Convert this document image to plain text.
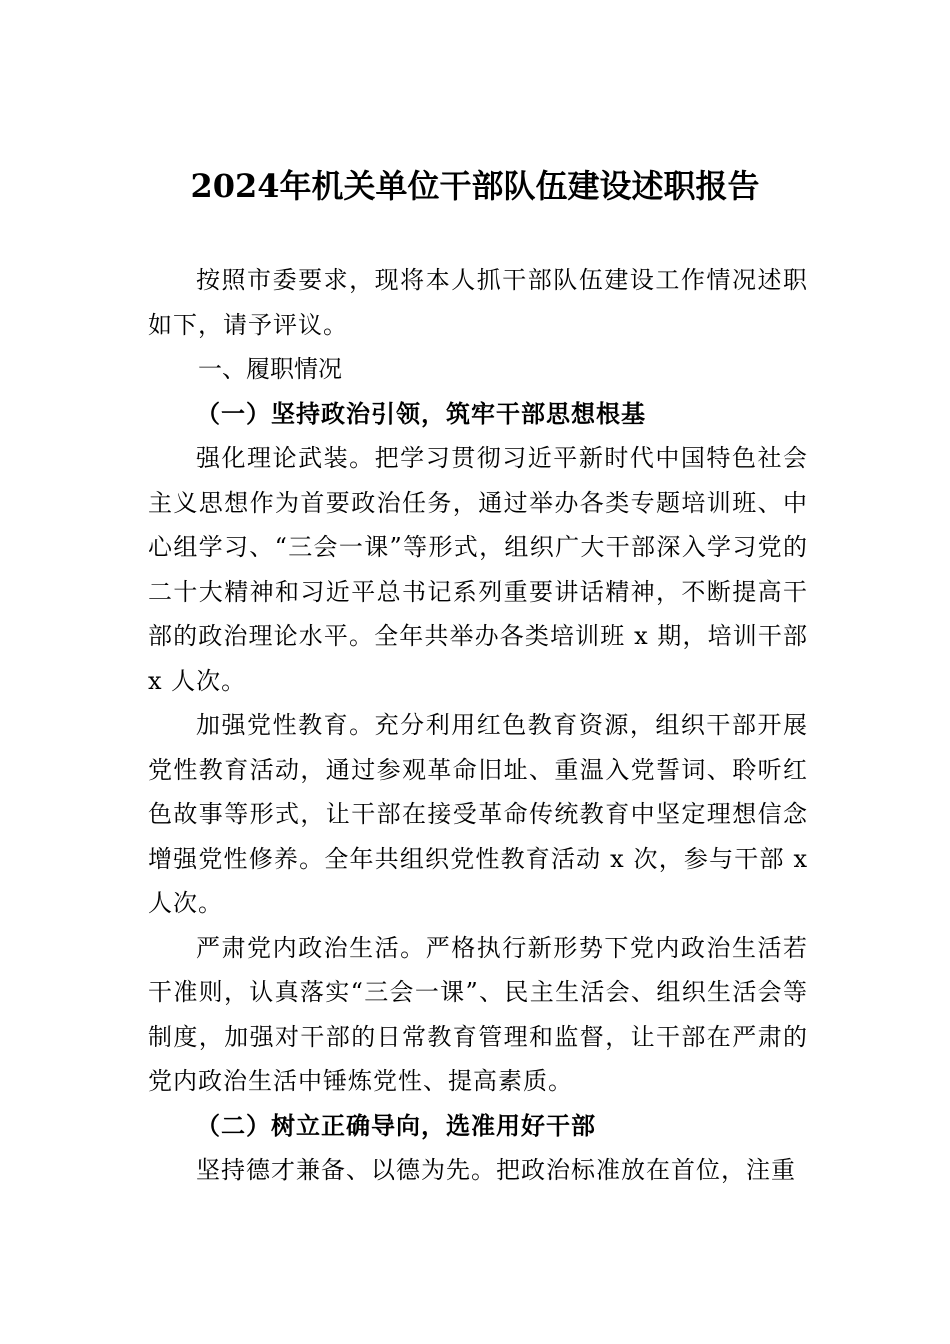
2024年机关单位干部队伍建设述职报告

按照市委要求，现将本人抓干部队伍建设工作情况述职如下，请予评议。

一、履职情况
（一）坚持政治引领，筑牢干部思想根基

强化理论武装。把学习贯彻习近平新时代中国特色社会主义思想作为首要政治任务，通过举办各类专题培训班、中心组学习、“三会一课”等形式，组织广大干部深入学习党的二十大精神和习近平总书记系列重要讲话精神，不断提高干部的政治理论水平。全年共举办各类培训班 x 期，培训干部 x 人次。

加强党性教育。充分利用红色教育资源，组织干部开展党性教育活动，通过参观革命旧址、重温入党誓词、聆听红色故事等形式，让干部在接受革命传统教育中坚定理想信念增强党性修养。全年共组织党性教育活动 x 次，参与干部 x 人次。

严肃党内政治生活。严格执行新形势下党内政治生活若干准则，认真落实“三会一课”、民主生活会、组织生活会等制度，加强对干部的日常教育管理和监督，让干部在严肃的党内政治生活中锤炼党性、提高素质。

（二）树立正确导向，选准用好干部

坚持德才兼备、以德为先。把政治标准放在首位，注重
